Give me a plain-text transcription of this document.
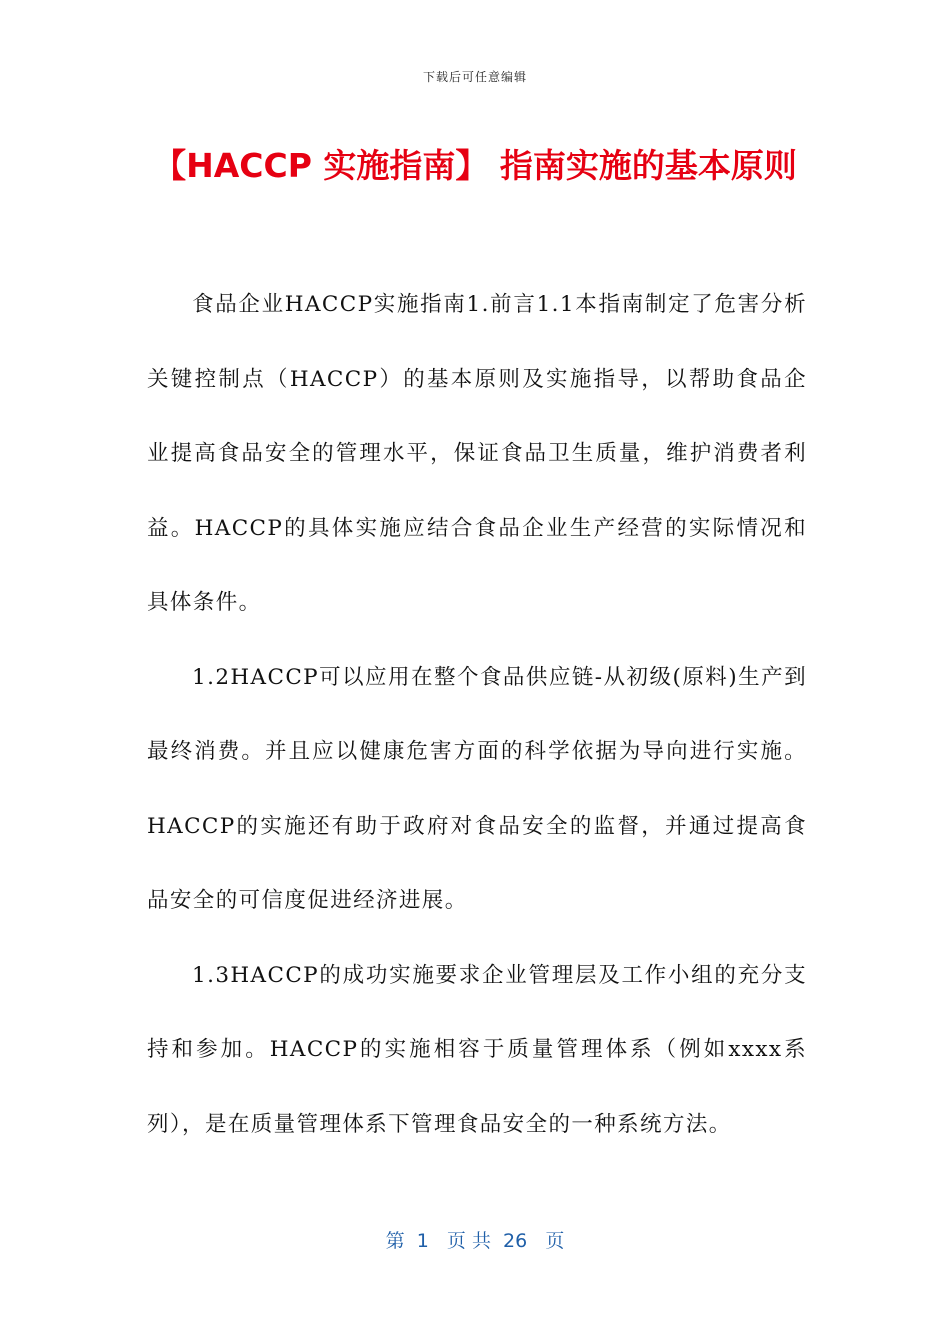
下载后可任意编辑
【HACCP 实施指南】 指南实施的基本原则

食品企业HACCP实施指南1.前言1.1本指南制定了危害分析关键控制点（HACCP）的基本原则及实施指导，以帮助食品企业提高食品安全的管理水平，保证食品卫生质量，维护消费者利益。HACCP的具体实施应结合食品企业生产经营的实际情况和具体条件。

1.2HACCP可以应用在整个食品供应链-从初级(原料)生产到最终消费。并且应以健康危害方面的科学依据为导向进行实施。HACCP的实施还有助于政府对食品安全的监督，并通过提高食品安全的可信度促进经济进展。

1.3HACCP的成功实施要求企业管理层及工作小组的充分支持和参加。HACCP的实施相容于质量管理体系（例如xxxx系列），是在质量管理体系下管理食品安全的一种系统方法。

第  1   页 共  26   页
